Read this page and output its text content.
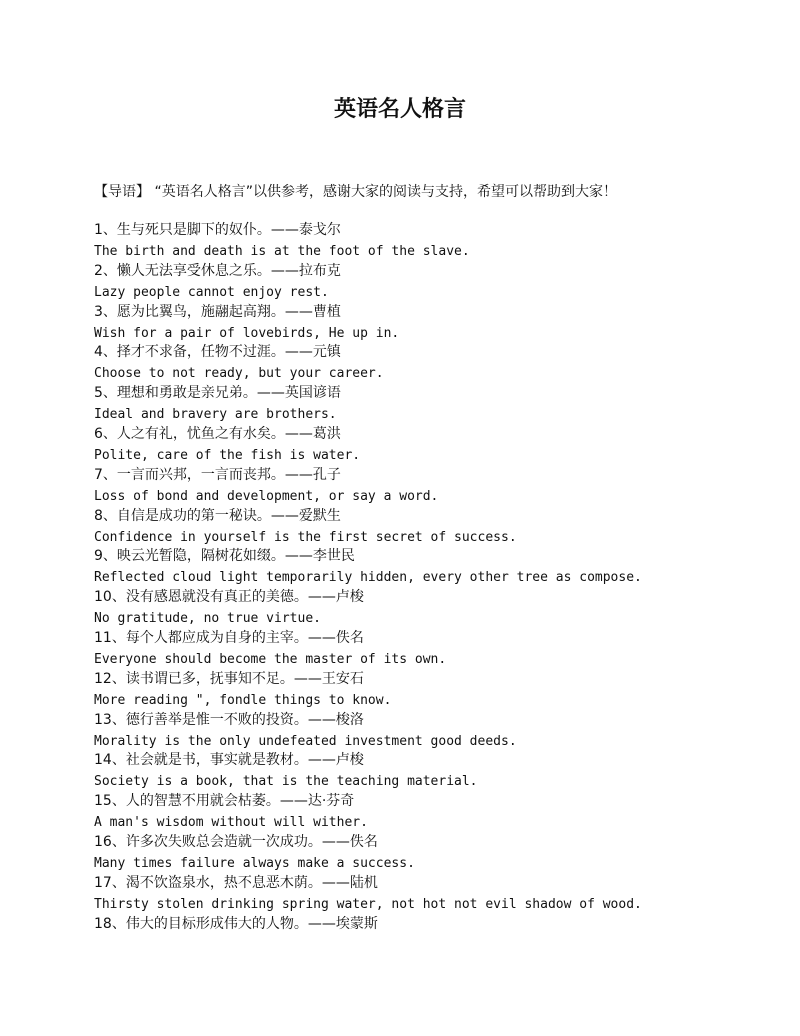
英语名人格言
【导语】 “英语名人格言”以供参考，感谢大家的阅读与支持，希望可以帮助到大家！
1、生与死只是脚下的奴仆。——泰戈尔
The birth and death is at the foot of the slave.
2、懒人无法享受休息之乐。——拉布克
Lazy people cannot enjoy rest.
3、愿为比翼鸟，施翮起高翔。——曹植
Wish for a pair of lovebirds, He up in.
4、择才不求备，任物不过涯。——元镇
Choose to not ready, but your career.
5、理想和勇敢是亲兄弟。——英国谚语
Ideal and bravery are brothers.
6、人之有礼，忧鱼之有水矣。——葛洪
Polite, care of the fish is water.
7、一言而兴邦，一言而丧邦。——孔子
Loss of bond and development, or say a word.
8、自信是成功的第一秘诀。——爱默生
Confidence in yourself is the first secret of success.
9、映云光暂隐，隔树花如缀。——李世民
Reflected cloud light temporarily hidden, every other tree as compose.
10、没有感恩就没有真正的美德。——卢梭
No gratitude, no true virtue.
11、每个人都应成为自身的主宰。——佚名
Everyone should become the master of its own.
12、读书谓已多，抚事知不足。——王安石
More reading ", fondle things to know.
13、德行善举是惟一不败的投资。——梭洛
Morality is the only undefeated investment good deeds.
14、社会就是书，事实就是教材。——卢梭
Society is a book, that is the teaching material.
15、人的智慧不用就会枯萎。——达·芬奇
A man's wisdom without will wither.
16、许多次失败总会造就一次成功。——佚名
Many times failure always make a success.
17、渴不饮盗泉水，热不息恶木荫。——陆机
Thirsty stolen drinking spring water, not hot not evil shadow of wood.
18、伟大的目标形成伟大的人物。——埃蒙斯
